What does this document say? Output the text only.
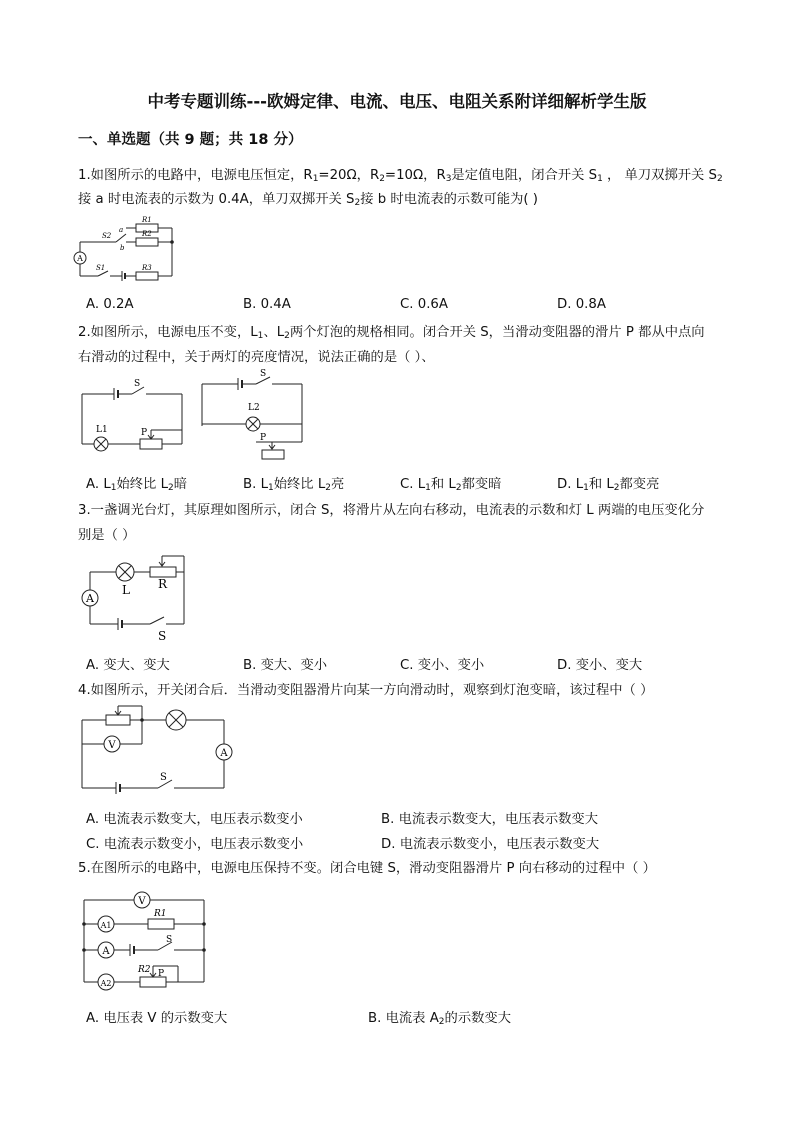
中考专题训练---欧姆定律、电流、电压、电阻关系附详细解析学生版
一、单选题（共 9 题；共 18 分）
1.如图所示的电路中，电源电压恒定，$R_1=20\Omega$，$R_2=10\Omega$，$R_3$是定值电阻，闭合开关 $S_1$ ， 单刀双掷开关 $S_2$
接 a 时电流表的示数为 0.4A，单刀双掷开关 $S_2$接 b 时电流表的示数可能为( )
A
R1
R2
R3
S2
S1
a
b
A. 0.2A	B. 0.4A	C. 0.6A	D. 0.8A
2.如图所示，电源电压不变，$L_1$、$L_2$两个灯泡的规格相同。闭合开关 S，当滑动变阻器的滑片 P 都从中点向
右滑动的过程中，关于两灯的亮度情况，说法正确的是（ ）、
S
L1	P
S
L2
P
A. $L_1$始终比 $L_2$暗	B. $L_1$始终比 $L_2$亮	C. $L_1$和 $L_2$都变暗	D. $L_1$和 $L_2$都变亮
3.一盏调光台灯，其原理如图所示，闭合 S，将滑片从左向右移动，电流表的示数和灯 L 两端的电压变化分
别是（ ）
A
L R
S
A. 变大、变大	B. 变大、变小	C. 变小、变小	D. 变小、变大
4.如图所示，开关闭合后．当滑动变阻器滑片向某一方向滑动时，观察到灯泡变暗，该过程中（ ）
V
A
S
A. 电流表示数变大，电压表示数变小	B. 电流表示数变大，电压表示数变大
C. 电流表示数变小，电压表示数变小	D. 电流表示数变小，电压表示数变大
5.在图所示的电路中，电源电压保持不变。闭合电键 S，滑动变阻器滑片 P 向右移动的过程中（ ）
V
A1
A
A2
R1
R2 P
S
A. 电压表 V 的示数变大	B. 电流表 $A_2$的示数变大
